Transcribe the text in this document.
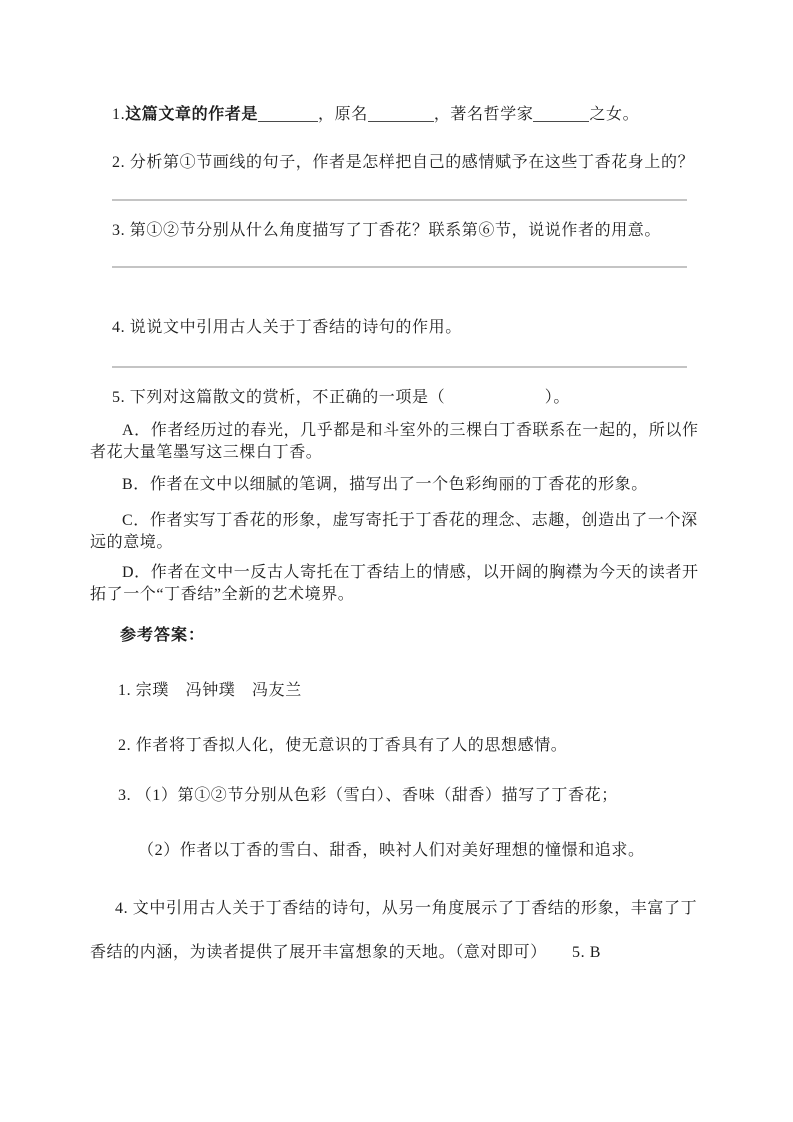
1.这篇文章的作者是	，原名	，著名哲学家	之女。

2. 分析第①节画线的句子，作者是怎样把自己的感情赋予在这些丁香花身上的？

3. 第①②节分别从什么角度描写了丁香花？联系第⑥节，说说作者的用意。

4. 说说文中引用古人关于丁香结的诗句的作用。

5. 下列对这篇散文的赏析，不正确的一项是（　　　　　　）。

A．作者经历过的春光，几乎都是和斗室外的三棵白丁香联系在一起的，所以作者花大量笔墨写这三棵白丁香。

B．作者在文中以细腻的笔调，描写出了一个色彩绚丽的丁香花的形象。

C．作者实写丁香花的形象，虚写寄托于丁香花的理念、志趣，创造出了一个深远的意境。

D．作者在文中一反古人寄托在丁香结上的情感，以开阔的胸襟为今天的读者开拓了一个“丁香结”全新的艺术境界。

参考答案：

1. 宗璞　冯钟璞　冯友兰

2. 作者将丁香拟人化，使无意识的丁香具有了人的思想感情。

3. （1）第①②节分别从色彩（雪白）、香味（甜香）描写了丁香花；

（2）作者以丁香的雪白、甜香，映衬人们对美好理想的憧憬和追求。

4. 文中引用古人关于丁香结的诗句，从另一角度展示了丁香结的形象，丰富了丁香结的内涵，为读者提供了展开丰富想象的天地。（意对即可）　　5. B
